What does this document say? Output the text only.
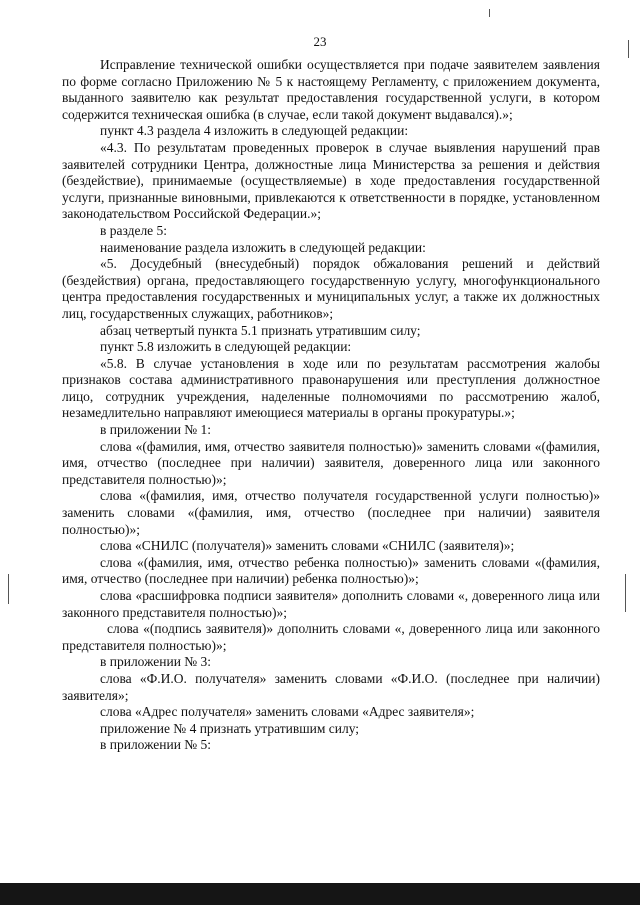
23

Исправление технической ошибки осуществляется при подаче заявителем заявления по форме согласно Приложению № 5 к настоящему Регламенту, с приложением документа, выданного заявителю как результат предоставления государственной услуги, в котором содержится техническая ошибка (в случае, если такой документ выдавался).»;

пункт 4.3 раздела 4 изложить в следующей редакции:

«4.3. По результатам проведенных проверок в случае выявления нарушений прав заявителей сотрудники Центра, должностные лица Министерства за решения и действия (бездействие), принимаемые (осуществляемые) в ходе предоставления государственной услуги, признанные виновными, привлекаются к ответственности в порядке, установленном законодательством Российской Федерации.»;

в разделе 5:

наименование раздела изложить в следующей редакции:

«5. Досудебный (внесудебный) порядок обжалования решений и действий (бездействия) органа, предоставляющего государственную услугу, многофункционального центра предоставления государственных и муниципальных услуг, а также их должностных лиц, государственных служащих, работников»;

абзац четвертый пункта 5.1 признать утратившим силу;

пункт 5.8 изложить в следующей редакции:

«5.8. В случае установления в ходе или по результатам рассмотрения жалобы признаков состава административного правонарушения или преступления должностное лицо, сотрудник учреждения, наделенные полномочиями по рассмотрению жалоб, незамедлительно направляют имеющиеся материалы в органы прокуратуры.»;

в приложении № 1:

слова «(фамилия, имя, отчество заявителя полностью)» заменить словами «(фамилия, имя, отчество (последнее при наличии) заявителя, доверенного лица или законного представителя полностью)»;

слова «(фамилия, имя, отчество получателя государственной услуги полностью)» заменить словами «(фамилия, имя, отчество (последнее при наличии) заявителя полностью)»;

слова «СНИЛС (получателя)» заменить словами «СНИЛС (заявителя)»;

слова «(фамилия, имя, отчество ребенка полностью)» заменить словами «(фамилия, имя, отчество (последнее при наличии) ребенка полностью)»;

слова «расшифровка подписи заявителя» дополнить словами «, доверенного лица или законного представителя полностью)»;

слова «(подпись заявителя)» дополнить словами «, доверенного лица или законного представителя полностью)»;

в приложении № 3:

слова «Ф.И.О. получателя» заменить словами «Ф.И.О. (последнее при наличии) заявителя»;

слова «Адрес получателя» заменить словами «Адрес заявителя»;

приложение № 4 признать утратившим силу;

в приложении № 5:
